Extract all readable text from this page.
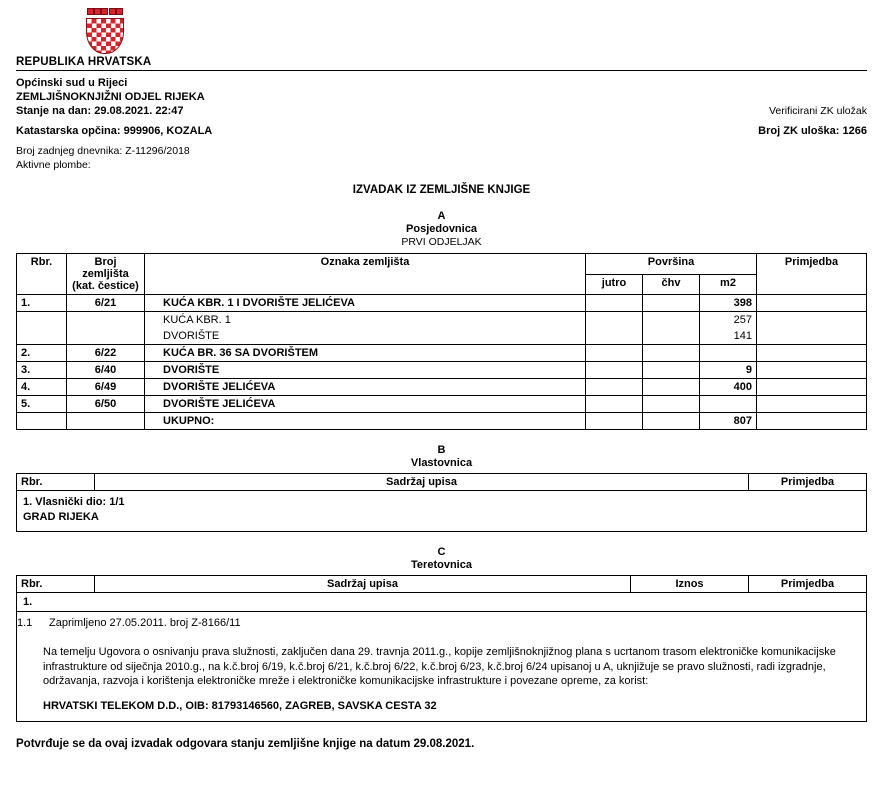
REPUBLIKA HRVATSKA
Općinski sud u Rijeci
ZEMLJIŠNOKNJIŽNI ODJEL RIJEKA
Stanje na dan: 29.08.2021. 22:47	Verificirani ZK uložak
Katastarska opčina: 999906, KOZALA	Broj ZK uloška: 1266
Broj zadnjeg dnevnika: Z-11296/2018
Aktivne plombe:
IZVADAK IZ ZEMLJIŠNE KNJIGE
A
Posjedovnica
PRVI ODJELJAK
Rbr.	Broj
zemljišta
(kat. čestice)	Oznaka zemljišta	Površina			Primjedba
			jutro	čhv	m2	
1.	6/21	KUĆA KBR. 1 I DVORIŠTE JELIĆEVA			398	
		KUĆA KBR. 1			257	
		DVORIŠTE			141	
2.	6/22	KUĆA BR. 36 SA DVORIŠTEM				
3.	6/40	DVORIŠTE			9	
4.	6/49	DVORIŠTE JELIĆEVA			400	
5.	6/50	DVORIŠTE JELIĆEVA				
		UKUPNO:			807	
B
Vlastovnica
Rbr.	Sadržaj upisa	Primjedba

1. Vlasnički dio: 1/1
GRAD RIJEKA
C
Teretovnica
Rbr.	Sadržaj upisa	Iznos	Primjedba
1.

1.1 Zaprimljeno 27.05.2011. broj Z-8166/11
Na temelju Ugovora o osnivanju prava služnosti, zaključen dana 29. travnja 2011.g., kopije zemljišnoknjižnog plana s ucrtanom trasom elektroničke komunikacijske infrastrukture od siječnja 2010.g., na k.č.broj 6/19, k.č.broj 6/21, k.č.broj 6/22, k.č.broj 6/23, k.č.broj 6/24 upisanoj u A, uknjižuje se pravo služnosti, radi izgradnje, održavanja, razvoja i korištenja elektroničke mreže i elektroničke komunikacijske infrastrukture i povezane opreme, za korist:
HRVATSKI TELEKOM D.D., OIB: 81793146560, ZAGREB, SAVSKA CESTA 32
Potvrđuje se da ovaj izvadak odgovara stanju zemljišne knjige na datum 29.08.2021.
